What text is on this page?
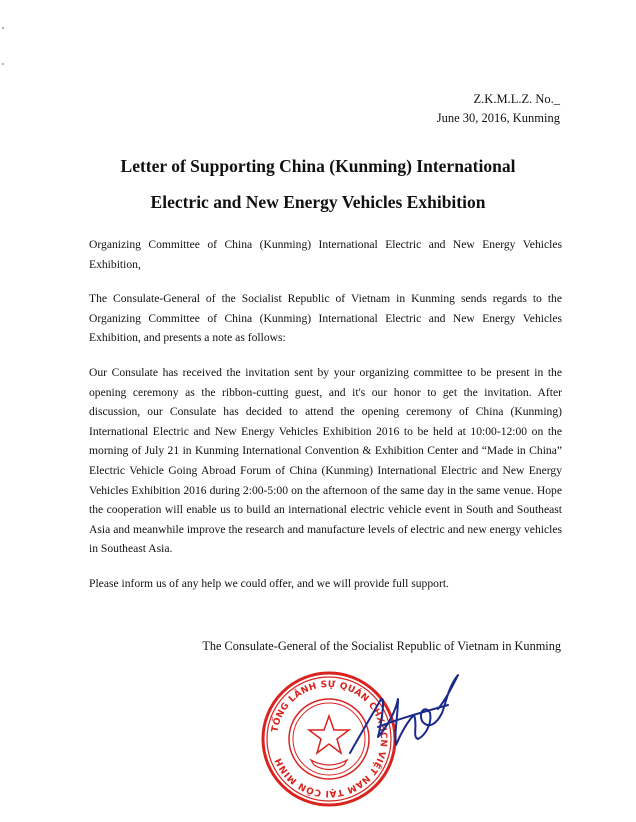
Z.K.M.L.Z. No._
June 30, 2016, Kunming
Letter of Supporting China (Kunming) International
Electric and New Energy Vehicles Exhibition

Organizing Committee of China (Kunming) International Electric and New Energy Vehicles Exhibition,

The Consulate-General of the Socialist Republic of Vietnam in Kunming sends regards to the Organizing Committee of China (Kunming) International Electric and New Energy Vehicles Exhibition, and presents a note as follows:

Our Consulate has received the invitation sent by your organizing committee to be present in the opening ceremony as the ribbon-cutting guest, and it's our honor to get the invitation. After discussion, our Consulate has decided to attend the opening ceremony of China (Kunming) International Electric and New Energy Vehicles Exhibition 2016 to be held at 10:00-12:00 on the morning of July 21 in Kunming International Convention & Exhibition Center and “Made in China” Electric Vehicle Going Abroad Forum of China (Kunming) International Electric and New Energy Vehicles Exhibition 2016 during 2:00-5:00 on the afternoon of the same day in the same venue. Hope the cooperation will enable us to build an international electric vehicle event in South and Southeast Asia and meanwhile improve the research and manufacture levels of electric and new energy vehicles in Southeast Asia.

Please inform us of any help we could offer, and we will provide full support.

The Consulate-General of the Socialist Republic of Vietnam in Kunming
TỔNG LÃNH SỰ QUÁN CHXHCN VIỆT NAM TẠI CÔN MINH
